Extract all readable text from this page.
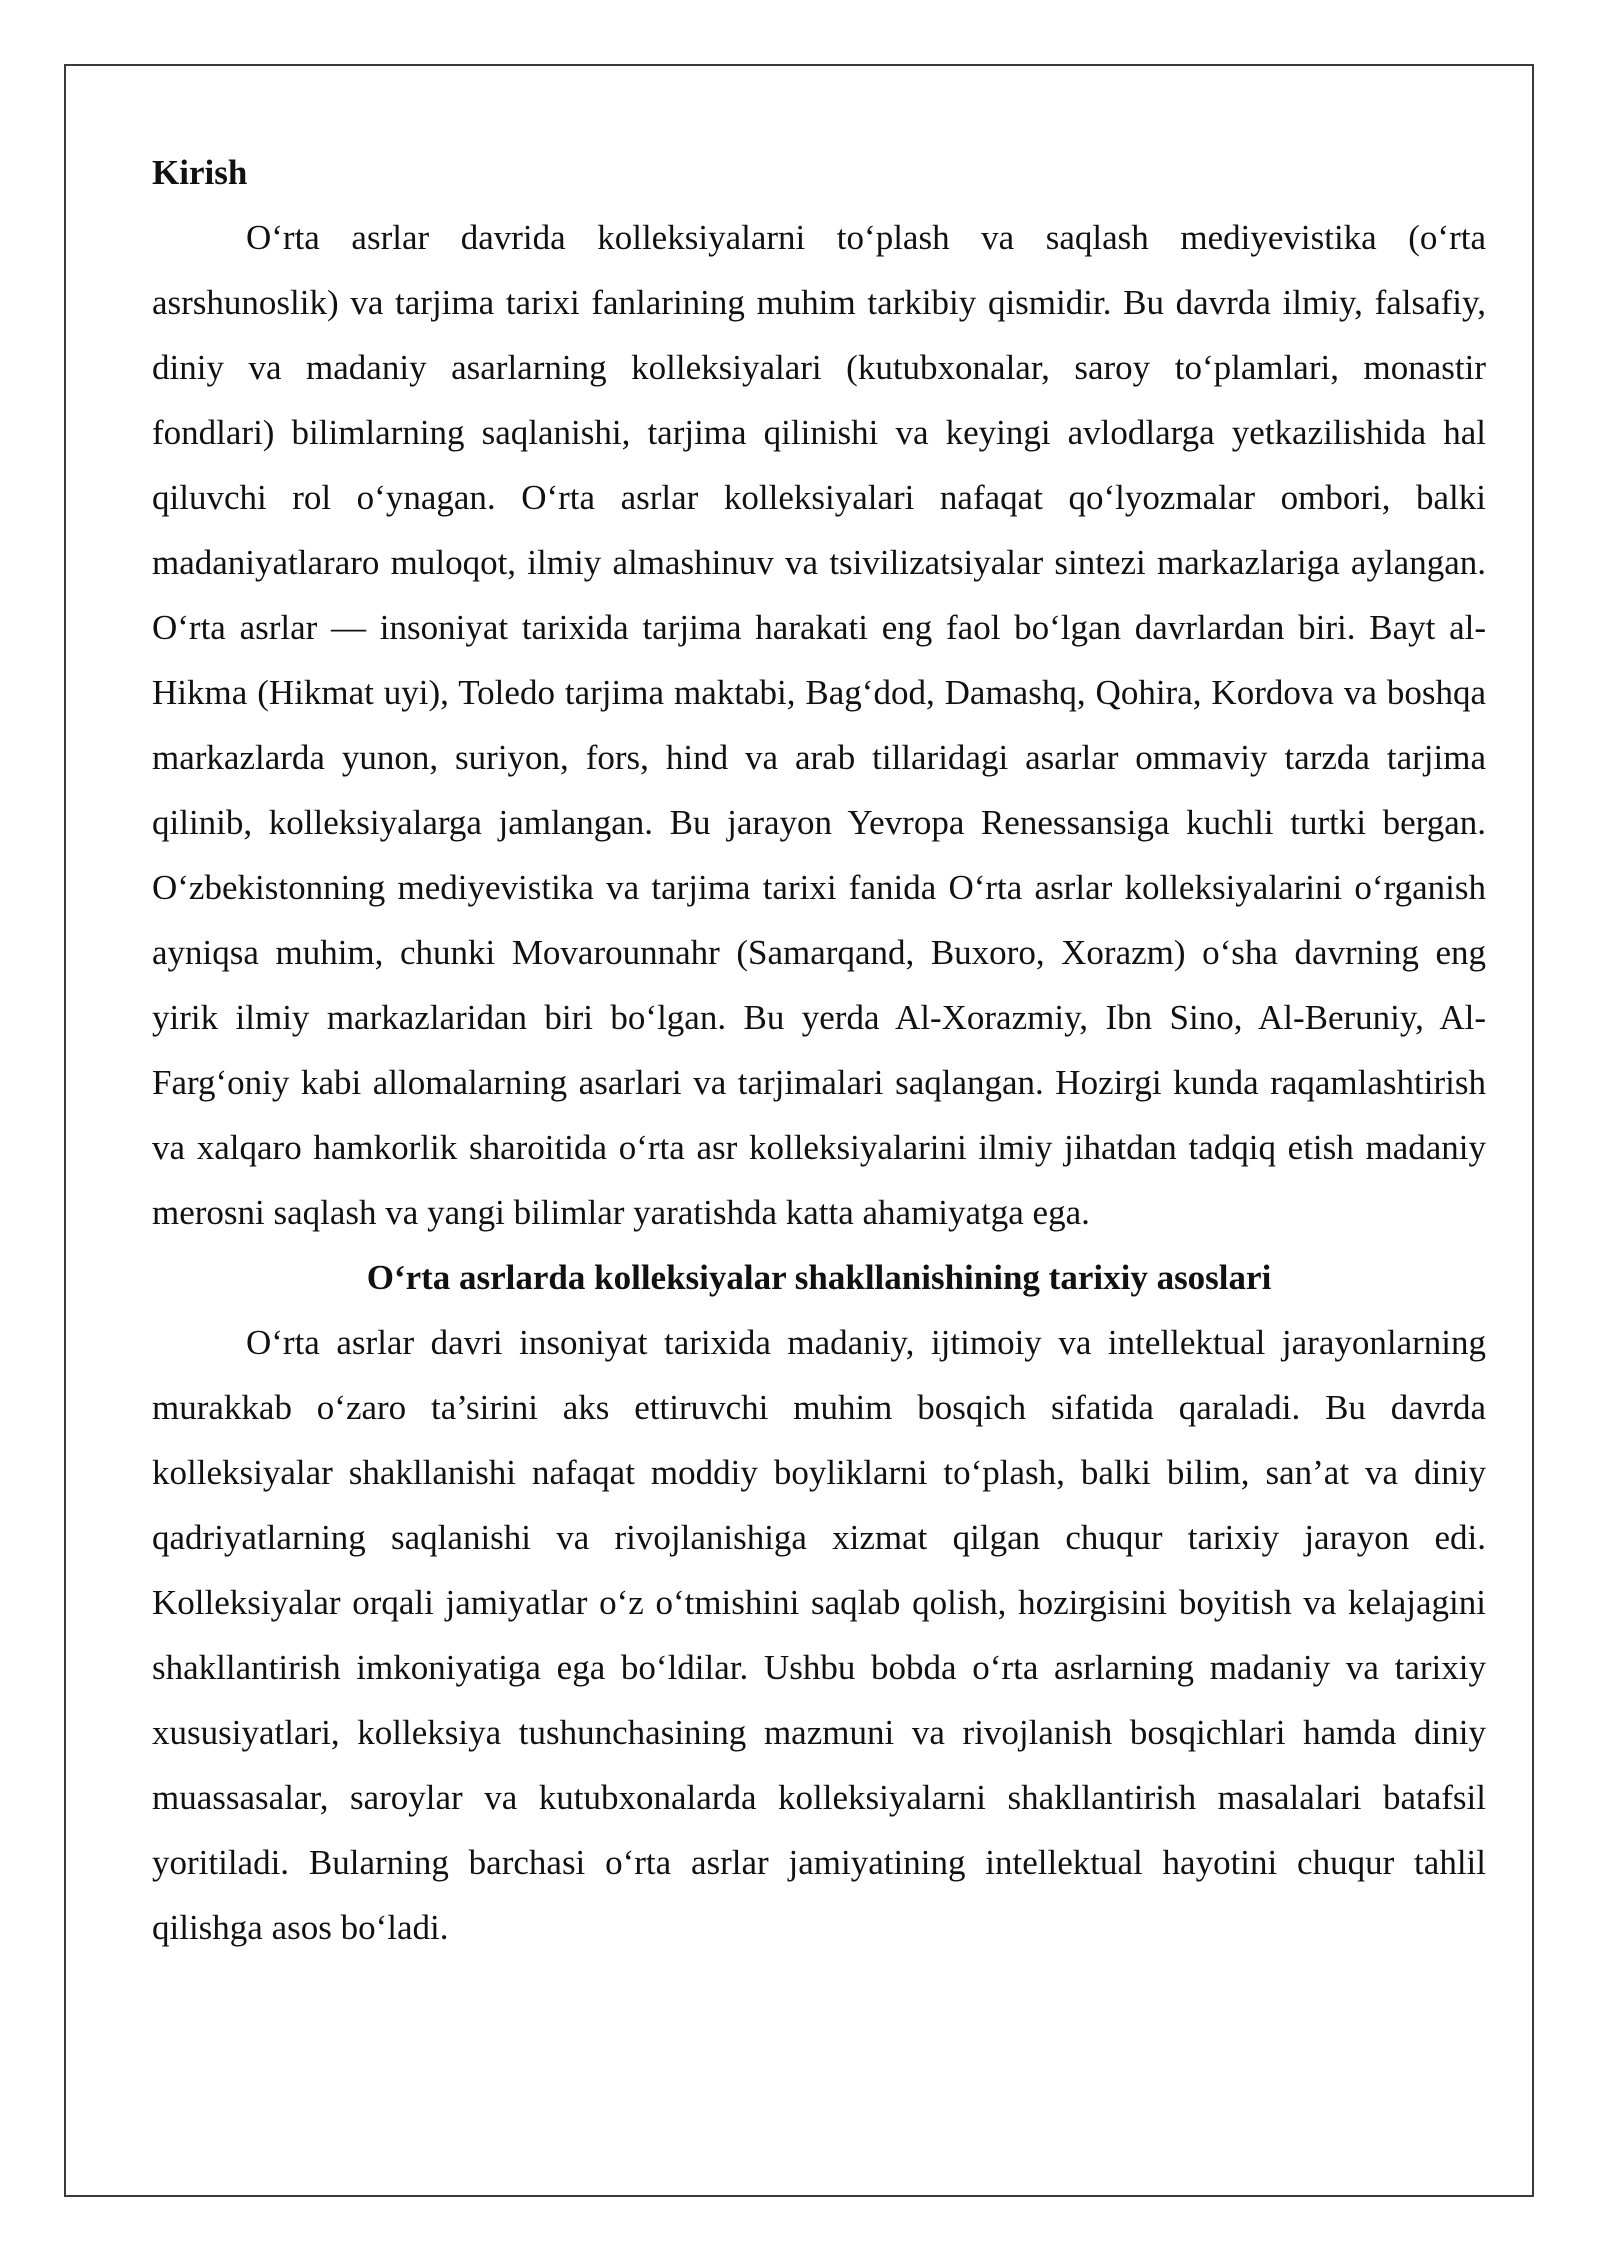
Kirish

O‘rta asrlar davrida kolleksiyalarni to‘plash va saqlash mediyevistika (o‘rta asrshunoslik) va tarjima tarixi fanlarining muhim tarkibiy qismidir. Bu davrda ilmiy, falsafiy, diniy va madaniy asarlarning kolleksiyalari (kutubxonalar, saroy to‘plamlari, monastir fondlari) bilimlarning saqlanishi, tarjima qilinishi va keyingi avlodlarga yetkazilishida hal qiluvchi rol o‘ynagan. O‘rta asrlar kolleksiyalari nafaqat qo‘lyozmalar ombori, balki madaniyatlararo muloqot, ilmiy almashinuv va tsivilizatsiyalar sintezi markazlariga aylangan. O‘rta asrlar — insoniyat tarixida tarjima harakati eng faol bo‘lgan davrlardan biri. Bayt al-Hikma (Hikmat uyi), Toledo tarjima maktabi, Bag‘dod, Damashq, Qohira, Kordova va boshqa markazlarda yunon, suriyon, fors, hind va arab tillaridagi asarlar ommaviy tarzda tarjima qilinib, kolleksiyalarga jamlangan. Bu jarayon Yevropa Renessansiga kuchli turtki bergan. O‘zbekistonning mediyevistika va tarjima tarixi fanida O‘rta asrlar kolleksiyalarini o‘rganish ayniqsa muhim, chunki Movarounnahr (Samarqand, Buxoro, Xorazm) o‘sha davrning eng yirik ilmiy markazlaridan biri bo‘lgan. Bu yerda Al-Xorazmiy, Ibn Sino, Al-Beruniy, Al-Farg‘oniy kabi allomalarning asarlari va tarjimalari saqlangan. Hozirgi kunda raqamlashtirish va xalqaro hamkorlik sharoitida o‘rta asr kolleksiyalarini ilmiy jihatdan tadqiq etish madaniy merosni saqlash va yangi bilimlar yaratishda katta ahamiyatga ega.

O‘rta asrlarda kolleksiyalar shakllanishining tarixiy asoslari

O‘rta asrlar davri insoniyat tarixida madaniy, ijtimoiy va intellektual jarayonlarning murakkab o‘zaro ta’sirini aks ettiruvchi muhim bosqich sifatida qaraladi. Bu davrda kolleksiyalar shakllanishi nafaqat moddiy boyliklarni to‘plash, balki bilim, san’at va diniy qadriyatlarning saqlanishi va rivojlanishiga xizmat qilgan chuqur tarixiy jarayon edi. Kolleksiyalar orqali jamiyatlar o‘z o‘tmishini saqlab qolish, hozirgisini boyitish va kelajagini shakllantirish imkoniyatiga ega bo‘ldilar. Ushbu bobda o‘rta asrlarning madaniy va tarixiy xususiyatlari, kolleksiya tushunchasining mazmuni va rivojlanish bosqichlari hamda diniy muassasalar, saroylar va kutubxonalarda kolleksiyalarni shakllantirish masalalari batafsil yoritiladi. Bularning barchasi o‘rta asrlar jamiyatining intellektual hayotini chuqur tahlil qilishga asos bo‘ladi.
